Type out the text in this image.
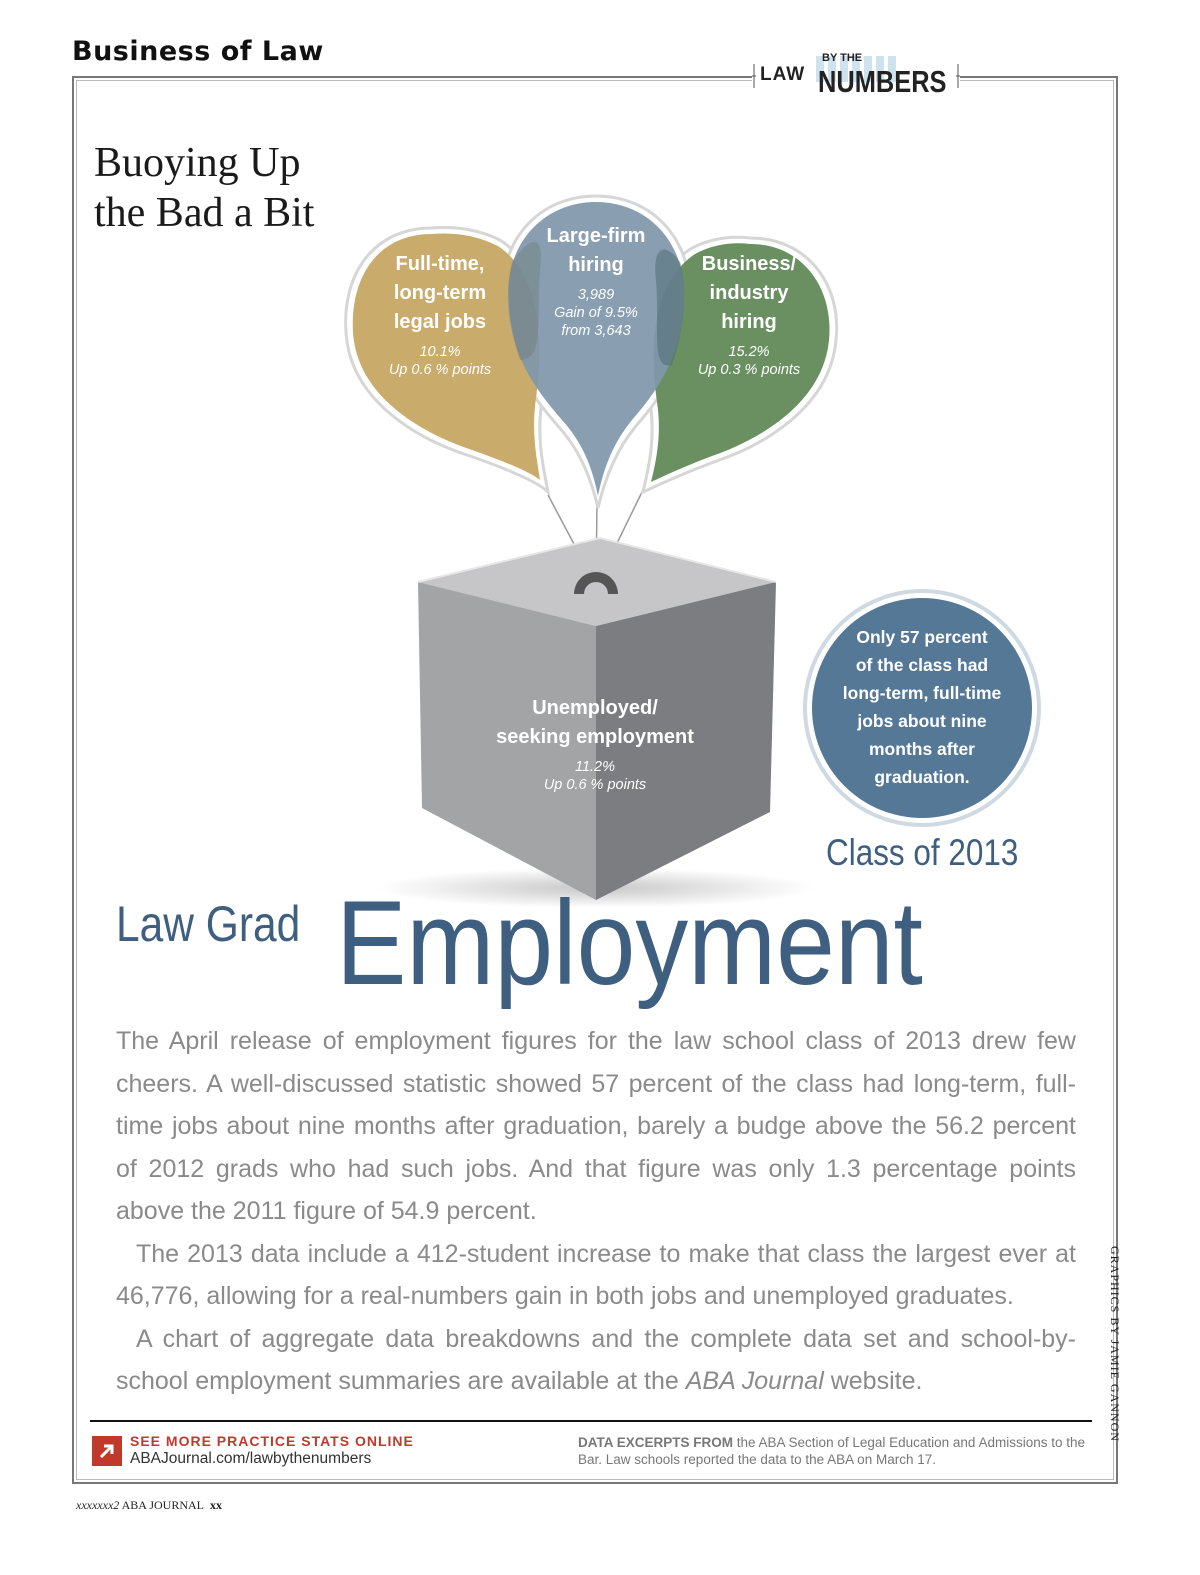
Business of Law
LAW
BY THE
NUMBERS
Buoying Up
the Bad a Bit
Full-time,
long-term
legal jobs
10.1%
Up 0.6 % points
Large-firm
hiring
3,989
Gain of 9.5%
from 3,643
Business/
industry
hiring
15.2%
Up 0.3 % points
Unemployed/
seeking employment
11.2%
Up 0.6 % points
Only 57 percent
of the class had
long-term, full-time
jobs about nine
months after
graduation.
Class of 2013
Law Grad Employment

The April release of employment figures for the law school class of 2013 drew few cheers. A well-discussed statistic showed 57 percent of the class had long-term, full-time jobs about nine months after graduation, barely a budge above the 56.2 percent of 2012 grads who had such jobs. And that figure was only 1.3 percentage points above the 2011 figure of 54.9 percent.

The 2013 data include a 412-student increase to make that class the largest ever at 46,776, allowing for a real-numbers gain in both jobs and unemployed graduates.

A chart of aggregate data breakdowns and the complete data set and school-by-school employment summaries are available at the ABA Journal website.

SEE MORE PRACTICE STATS ONLINE
ABAJournal.com/lawbythenumbers
DATA EXCERPTS FROM the ABA Section of Legal Education and Admissions to the Bar. Law schools reported the data to the ABA on March 17.
GRAPHICS BY JAMIE GANNON
xxxxxxx2 ABA JOURNAL xx
